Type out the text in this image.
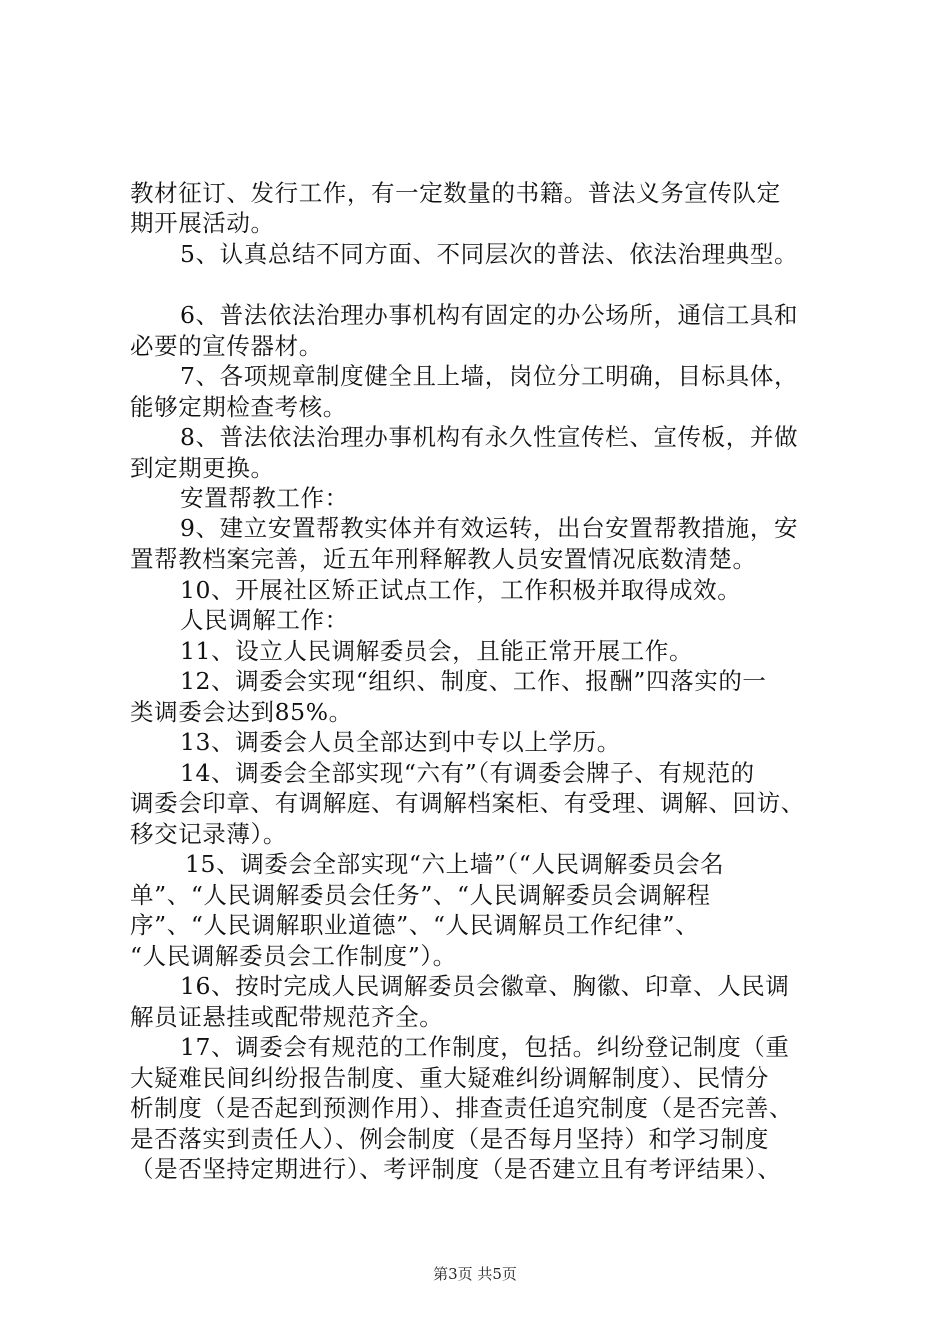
教材征订、发行工作，有一定数量的书籍。普法义务宣传队定
期开展活动。
5、认真总结不同方面、不同层次的普法、依法治理典型。
6、普法依法治理办事机构有固定的办公场所，通信工具和
必要的宣传器材。
7、各项规章制度健全且上墙，岗位分工明确，目标具体，
能够定期检查考核。
8、普法依法治理办事机构有永久性宣传栏、宣传板，并做
到定期更换。
安置帮教工作：
9、建立安置帮教实体并有效运转，出台安置帮教措施，安
置帮教档案完善，近五年刑释解教人员安置情况底数清楚。
10、开展社区矫正试点工作，工作积极并取得成效。
人民调解工作：
11、设立人民调解委员会，且能正常开展工作。
12、调委会实现“组织、制度、工作、报酬”四落实的一
类调委会达到85%。
13、调委会人员全部达到中专以上学历。
14、调委会全部实现“六有”（有调委会牌子、有规范的
调委会印章、有调解庭、有调解档案柜、有受理、调解、回访、
移交记录薄）。
15、调委会全部实现“六上墙”（“人民调解委员会名
单”、“人民调解委员会任务”、“人民调解委员会调解程
序”、“人民调解职业道德”、“人民调解员工作纪律”、
“人民调解委员会工作制度”）。
16、按时完成人民调解委员会徽章、胸徽、印章、人民调
解员证悬挂或配带规范齐全。
17、调委会有规范的工作制度，包括。纠纷登记制度（重
大疑难民间纠纷报告制度、重大疑难纠纷调解制度）、民情分
析制度（是否起到预测作用）、排查责任追究制度（是否完善、
是否落实到责任人）、例会制度（是否每月坚持）和学习制度
（是否坚持定期进行）、考评制度（是否建立且有考评结果）、
第3页 共5页
